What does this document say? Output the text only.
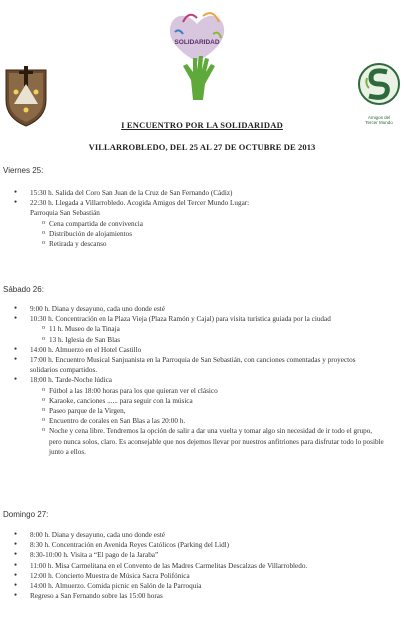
SOLIDARIDAD
Amigos del
Tercer Mundo
I ENCUENTRO POR LA SOLIDARIDAD
VILLARROBLEDO, DEL 25 AL 27 DE OCTUBRE DE 2013
Viernes 25:
● 15:30 h. Salida del Coro San Juan de la Cruz de San Fernando (Cádiz)
● 22:30 h. Llegada a Villarrobledo. Acogida Amigos del Tercer Mundo Lugar: Parroquia San Sebastián
o Cena compartida de convivencia
o Distribución de alojamientos
o Retirada y descanso
Sábado 26:
● 9:00 h. Diana y desayuno, cada uno donde esté
● 10:30 h. Concentración en la Plaza Vieja (Plaza Ramón y Cajal) para visita turística guiada por la ciudad
o 11 h. Museo de la Tinaja
o 13 h. Iglesia de San Blas
● 14:00 h. Almuerzo en el Hotel Castillo
● 17:00 h. Encuentro Musical Sanjuanista en la Parroquia de San Sebastián, con canciones comentadas y proyectos solidarios compartidos.
● 18:00 h. Tarde-Noche lúdica
o Fútbol a las 18:00 horas para los que quieran ver el clásico
o Karaoke, canciones ...... para seguir con la música
o Paseo parque de la Virgen,
o Encuentro de corales en San Blas a las 20:00 h.
o Noche y cena libre. Tendremos la opción de salir a dar una vuelta y tomar algo sin necesidad de ir todo el grupo, pero nunca solos, claro. Es aconsejable que nos dejemos llevar por nuestros anfitriones para disfrutar todo lo posible junto a ellos.
Domingo 27:
● 8:00 h. Diana y desayuno, cada uno donde esté
● 8:30 h. Concentración en Avenida Reyes Católicos (Parking del Lidl)
● 8:30-10:00 h. Visita a “El pago de la Jaraba”
● 11:00 h. Misa Carmelitana en el Convento de las Madres Carmelitas Descalzas de Villarrobledo.
● 12:00 h. Concierto Muestra de Música Sacra Polifónica
● 14:00 h. Almuerzo. Comida picnic en Salón de la Parroquia
● Regreso a San Fernando sobre las 15:00 horas
